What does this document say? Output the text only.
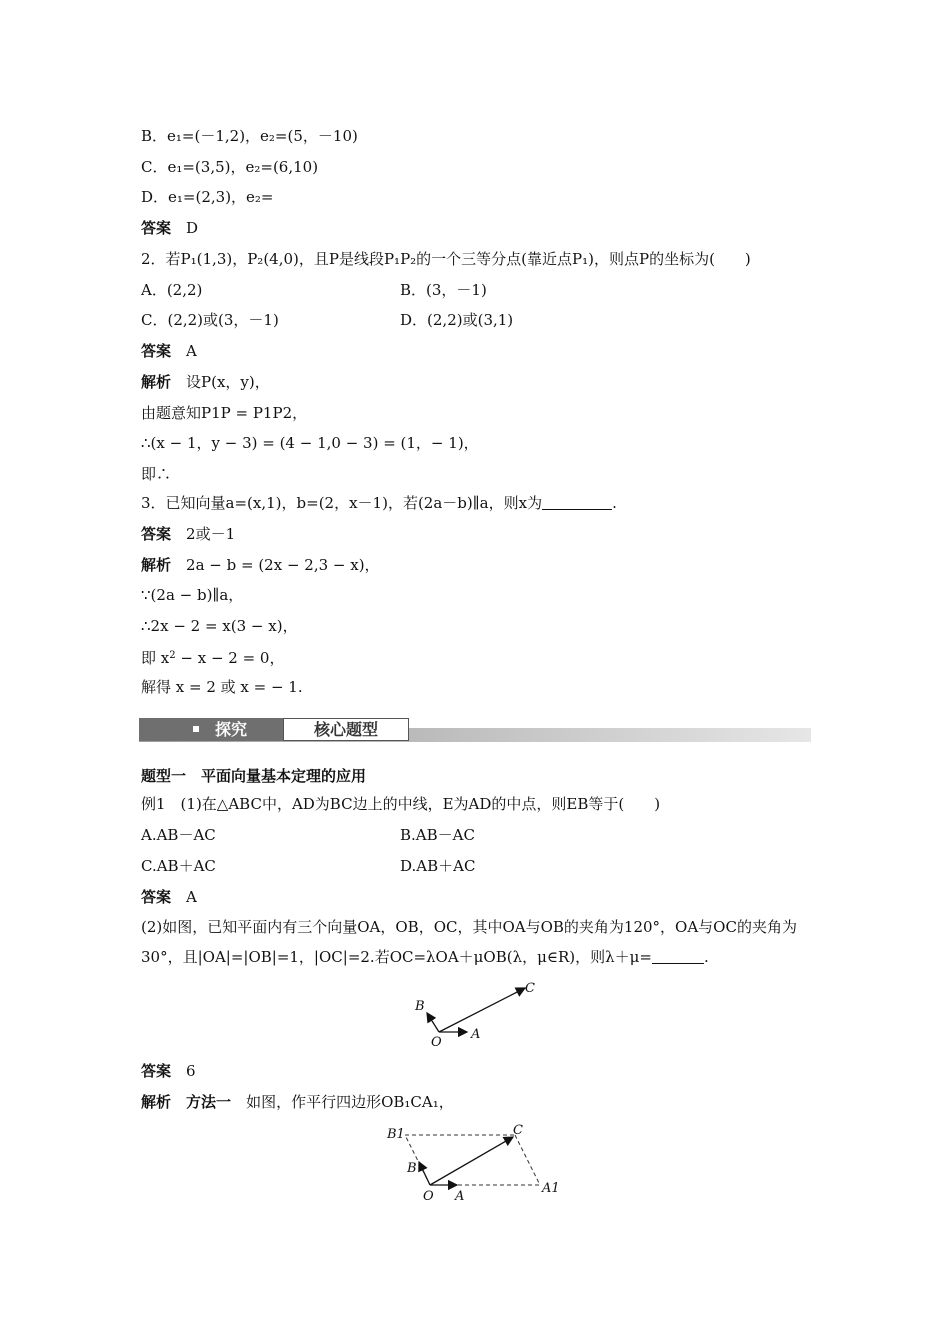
B．e₁=(－1,2)，e₂=(5，－10)
C．e₁=(3,5)，e₂=(6,10)
D．e₁=(2,3)，e₂=
答案　 D
2．若P₁(1,3)，P₂(4,0)，且P是线段P₁P₂的一个三等分点(靠近点P₁)，则点P的坐标为(　　)
A．(2,2)	B．(3，－1)
C．(2,2)或(3，－1)	D．(2,2)或(3,1)
答案　 A
解析　 设P(x，y)，
由题意知P1P = P1P2，
∴(x − 1，y − 3) = (4 − 1,0 − 3) = (1，− 1)，
即∴
3．已知向量a=(x,1)，b=(2，x－1)，若(2a－b)∥a，则x为	.
答案　 2或－1
解析　 2a − b = (2x − 2,3 − x)，
∵(2a − b)∥a，
∴2x − 2 = x(3 − x)，
即 $x^2 - x - 2 = 0$，
解得 x = 2 或 x = − 1.
探究	核心题型
题型一　平面向量基本定理的应用
例1　(1)在△ABC中，AD为BC边上的中线，E为AD的中点，则EB等于(　　)
A.AB－AC	B.AB－AC
C.AB＋AC	D.AB＋AC
答案　 A
(2)如图，已知平面内有三个向量OA，OB，OC，其中OA与OB的夹角为120°，OA与OC的夹角为30°，且|OA|=|OB|=1，|OC|=2.若OC=λOA＋μOB(λ，μ∈R)，则λ＋μ=	.
B
C
O
A
答案　 6
解析　 方法一　 如图，作平行四边形OB₁CA₁，
B1	C
B
O A
A1
